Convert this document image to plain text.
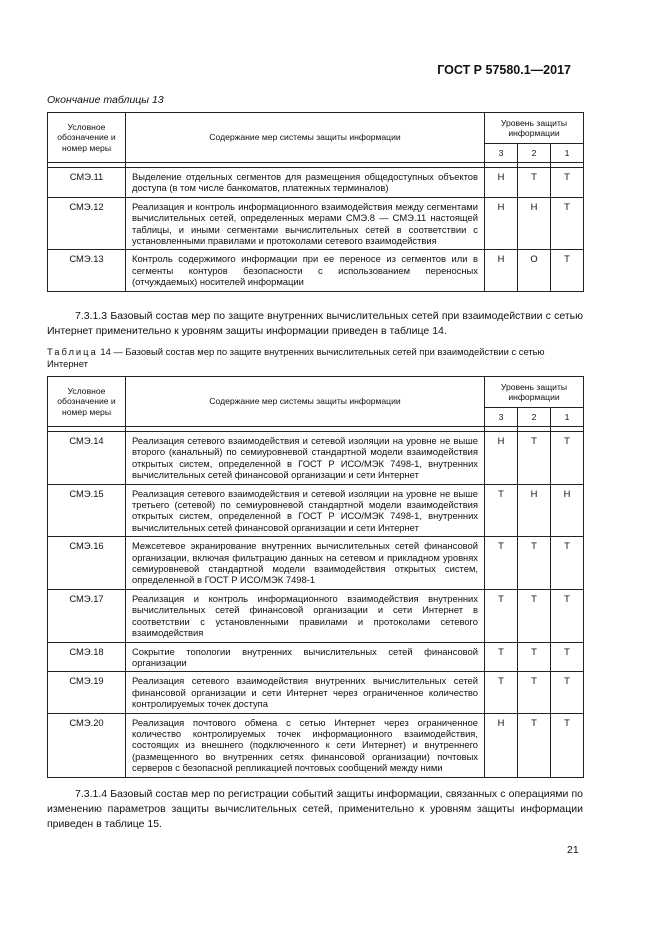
ГОСТ Р 57580.1—2017
Окончание таблицы 13
Условное обозначение и номер меры	Содержание мер системы защиты информации	Уровень защиты информации		
		3	2	1

СМЭ.11	Выделение отдельных сегментов для размещения общедоступных объектов доступа (в том числе банкоматов, платежных терминалов)	Н	Т	Т
СМЭ.12	Реализация и контроль информационного взаимодействия между сегментами вычислительных сетей, определенных мерами СМЭ.8 — СМЭ.11 настоящей таблицы, и иными сегментами вычислительных сетей в соответствии с установленными правилами и протоколами сетевого взаимодействия	Н	Н	Т
СМЭ.13	Контроль содержимого информации при ее переносе из сегментов или в сегменты контуров безопасности с использованием переносных (отчуждаемых) носителей информации	Н	О	Т

7.3.1.3 Базовый состав мер по защите внутренних вычислительных сетей при взаимодействии с сетью Интернет применительно к уровням защиты информации приведен в таблице 14.

Таблица 14 — Базовый состав мер по защите внутренних вычислительных сетей при взаимодействии с сетью Интернет
Условное обозначение и номер меры	Содержание мер системы защиты информации	Уровень защиты информации		
		3	2	1

СМЭ.14	Реализация сетевого взаимодействия и сетевой изоляции на уровне не выше второго (канальный) по семиуровневой стандартной модели взаимодействия открытых систем, определенной в ГОСТ Р ИСО/МЭК 7498-1, внутренних вычислительных сетей финансовой организации и сети Интернет	Н	Т	Т
СМЭ.15	Реализация сетевого взаимодействия и сетевой изоляции на уровне не выше третьего (сетевой) по семиуровневой стандартной модели взаимодействия открытых систем, определенной в ГОСТ Р ИСО/МЭК 7498-1, внутренних вычислительных сетей финансовой организации и сети Интернет	Т	Н	Н
СМЭ.16	Межсетевое экранирование внутренних вычислительных сетей финансовой организации, включая фильтрацию данных на сетевом и прикладном уровнях семиуровневой стандартной модели взаимодействия открытых систем, определенной в ГОСТ Р ИСО/МЭК 7498-1	Т	Т	Т
СМЭ.17	Реализация и контроль информационного взаимодействия внутренних вычислительных сетей финансовой организации и сети Интернет в соответствии с установленными правилами и протоколами сетевого взаимодействия	Т	Т	Т
СМЭ.18	Сокрытие топологии внутренних вычислительных сетей финансовой организации	Т	Т	Т
СМЭ.19	Реализация сетевого взаимодействия внутренних вычислительных сетей финансовой организации и сети Интернет через ограниченное количество контролируемых точек доступа	Т	Т	Т
СМЭ.20	Реализация почтового обмена с сетью Интернет через ограниченное количество контролируемых точек информационного взаимодействия, состоящих из внешнего (подключенного к сети Интернет) и внутреннего (размещенного во внутренних сетях финансовой организации) почтовых серверов с безопасной репликацией почтовых сообщений между ними	Н	Т	Т

7.3.1.4 Базовый состав мер по регистрации событий защиты информации, связанных с операциями по изменению параметров защиты вычислительных сетей, применительно к уровням защиты информации приведен в таблице 15.

21
